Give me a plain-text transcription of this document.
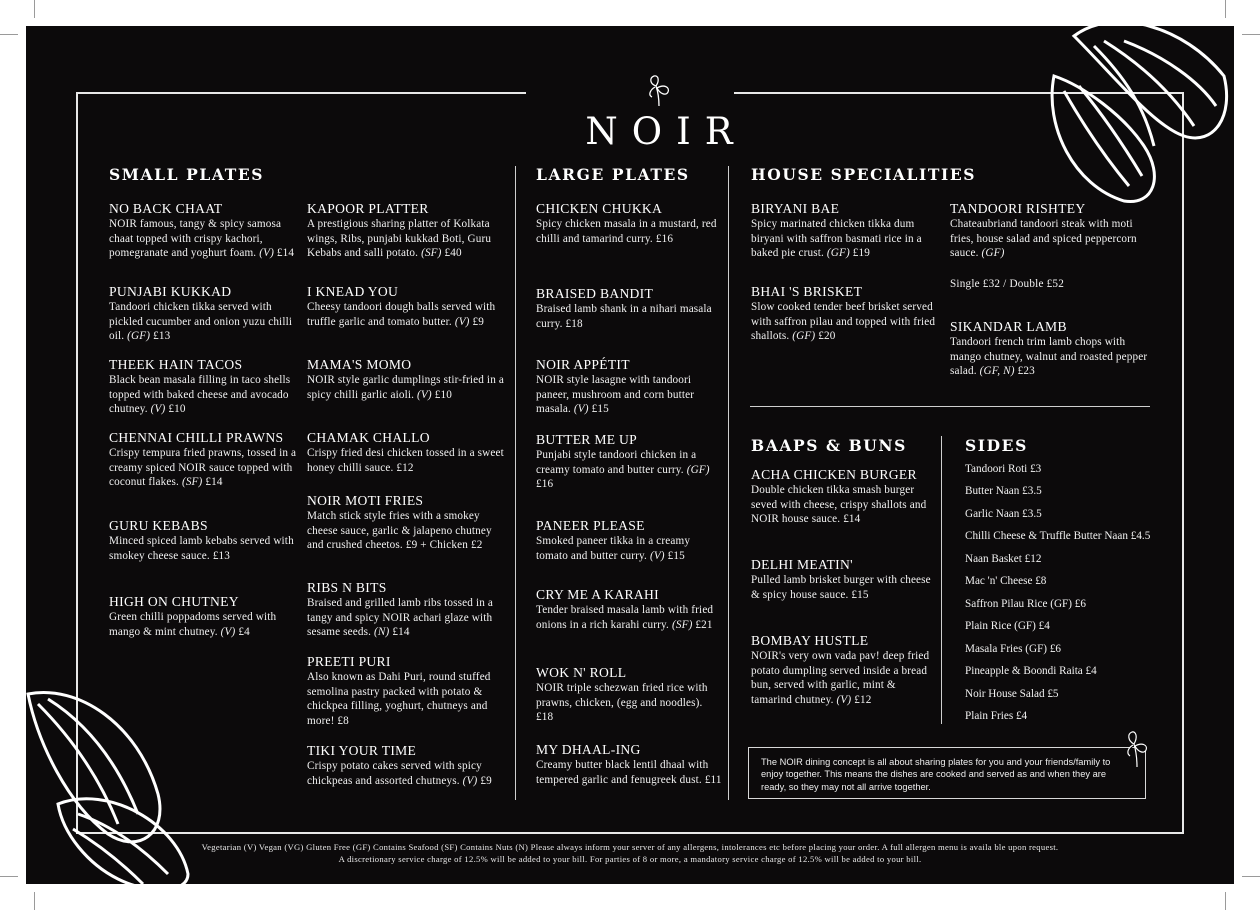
NOIR
SMALL PLATES	LARGE PLATES	HOUSE SPECIALITIES
BAAPS & BUNS	SIDES
NO BACK CHAAT
NOIR famous, tangy & spicy samosa chaat topped with crispy kachori, pomegranate and yoghurt foam. (V) £14
PUNJABI KUKKAD
Tandoori chicken tikka served with pickled cucumber and onion yuzu chilli oil. (GF) £13
THEEK HAIN TACOS
Black bean masala filling in taco shells topped with baked cheese and avocado chutney. (V) £10
CHENNAI CHILLI PRAWNS
Crispy tempura fried prawns, tossed in a creamy spiced NOIR sauce topped with coconut flakes. (SF) £14
GURU KEBABS
Minced spiced lamb kebabs served with smokey cheese sauce. £13
HIGH ON CHUTNEY
Green chilli poppadoms served with mango & mint chutney. (V) £4
KAPOOR PLATTER
A prestigious sharing platter of Kolkata wings, Ribs, punjabi kukkad Boti, Guru Kebabs and salli potato. (SF) £40
I KNEAD YOU
Cheesy tandoori dough balls served with truffle garlic and tomato butter. (V) £9
MAMA'S MOMO
NOIR style garlic dumplings stir-fried in a spicy chilli garlic aioli. (V) £10
CHAMAK CHALLO
Crispy fried desi chicken tossed in a sweet honey chilli sauce. £12
NOIR MOTI FRIES
Match stick style fries with a smokey cheese sauce, garlic & jalapeno chutney and crushed cheetos. £9 + Chicken £2
RIBS N BITS
Braised and grilled lamb ribs tossed in a tangy and spicy NOIR achari glaze with sesame seeds. (N) £14
PREETI PURI
Also known as Dahi Puri, round stuffed semolina pastry packed with potato & chickpea filling, yoghurt, chutneys and more! £8
TIKI YOUR TIME
Crispy potato cakes served with spicy chickpeas and assorted chutneys. (V) £9
CHICKEN CHUKKA
Spicy chicken masala in a mustard, red chilli and tamarind curry. £16
BRAISED BANDIT
Braised lamb shank in a nihari masala curry. £18
NOIR APPÉTIT
NOIR style lasagne with tandoori paneer, mushroom and corn butter masala. (V) £15
BUTTER ME UP
Punjabi style tandoori chicken in a creamy tomato and butter curry. (GF) £16
PANEER PLEASE
Smoked paneer tikka in a creamy tomato and butter curry. (V) £15
CRY ME A KARAHI
Tender braised masala lamb with fried onions in a rich karahi curry. (SF) £21
WOK N' ROLL
NOIR triple schezwan fried rice with prawns, chicken, (egg and noodles). £18
MY DHAAL-ING
Creamy butter black lentil dhaal with tempered garlic and fenugreek dust. £11
BIRYANI BAE
Spicy marinated chicken tikka dum biryani with saffron basmati rice in a baked pie crust. (GF) £19
BHAI 'S BRISKET
Slow cooked tender beef brisket served with saffron pilau and topped with fried shallots. (GF) £20
TANDOORI RISHTEY
Chateaubriand tandoori steak with moti fries, house salad and spiced peppercorn sauce. (GF)
Single £32 / Double £52
SIKANDAR LAMB
Tandoori french trim lamb chops with mango chutney, walnut and roasted pepper salad. (GF, N) £23
ACHA CHICKEN BURGER
Double chicken tikka smash burger seved with cheese, crispy shallots and NOIR house sauce. £14
DELHI MEATIN'
Pulled lamb brisket burger with cheese & spicy house sauce. £15
BOMBAY HUSTLE
NOIR's very own vada pav! deep fried potato dumpling served inside a bread bun, served with garlic, mint & tamarind chutney. (V) £12
Tandoori Roti £3
Butter Naan £3.5
Garlic Naan £3.5
Chilli Cheese & Truffle Butter Naan £4.5
Naan Basket £12
Mac 'n' Cheese £8
Saffron Pilau Rice (GF) £6
Plain Rice (GF) £4
Masala Fries (GF) £6
Pineapple & Boondi Raita £4
Noir House Salad £5
Plain Fries £4
The NOIR dining concept is all about sharing plates for you and your friends/family to enjoy together. This means the dishes are cooked and served as and when they are ready, so they may not all arrive together.
Vegetarian (V) Vegan (VG) Gluten Free (GF) Contains Seafood (SF) Contains Nuts (N) Please always inform your server of any allergens, intolerances etc before placing your order. A full allergen menu is availa ble upon request.
A discretionary service charge of 12.5% will be added to your bill. For parties of 8 or more, a mandatory service charge of 12.5% will be added to your bill.
